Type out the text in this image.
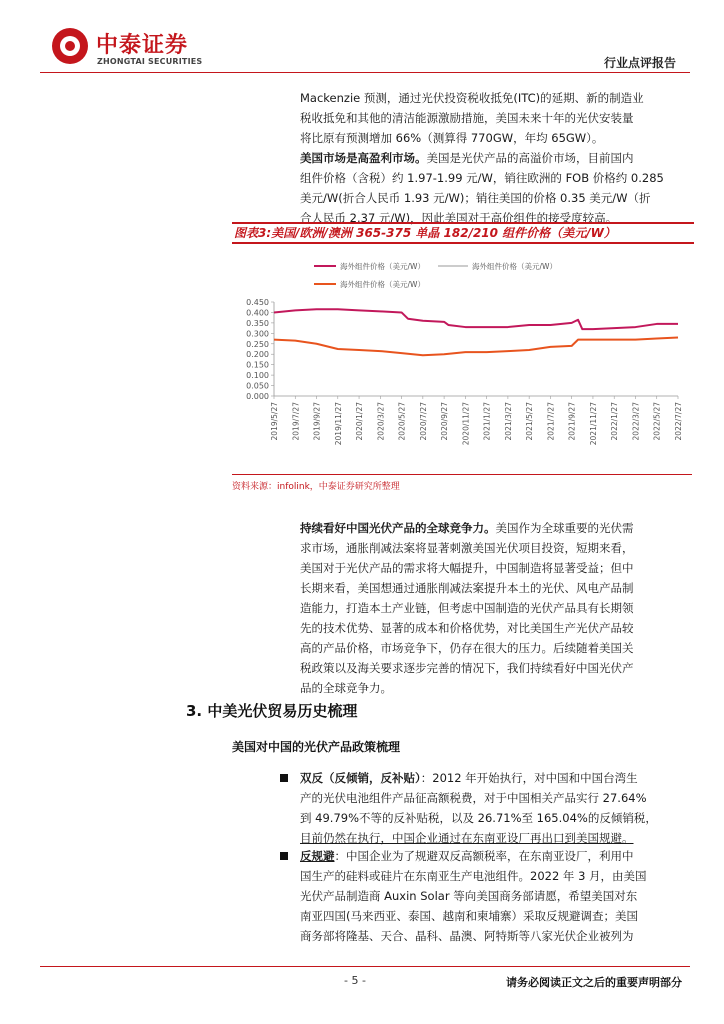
中泰证券
ZHONGTAI SECURITIES	行业点评报告

Mackenzie 预测，通过光伏投资税收抵免(ITC)的延期、新的制造业

税收抵免和其他的清洁能源激励措施，美国未来十年的光伏安装量

将比原有预测增加 66%（测算得 770GW，年均 65GW）。

美国市场是高盈利市场。美国是光伏产品的高溢价市场，目前国内

组件价格（含税）约 1.97-1.99 元/W，销往欧洲的 FOB 价格约 0.285

美元/W(折合人民币 1.93 元/W)；销往美国的价格 0.35 美元/W（折

合人民币 2.37 元/W)，因此美国对于高价组件的接受度较高。

图表3:美国/欧洲/澳洲 365-375 单晶 182/210 组件价格（美元/W）
海外组件价格（美元/W）	海外组件价格（美元/W）
海外组件价格（美元/W）
0.450
0.400
0.350
0.300
0.250
0.200
0.150
0.100
0.050
0.000
2019/5/27 2019/7/27 2019/9/27 2019/11/27 2020/1/27 2020/3/27 2020/5/27 2020/7/27 2020/9/27 2020/11/27 2021/1/27 2021/3/27 2021/5/27 2021/7/27 2021/9/27 2021/11/27 2022/1/27 2022/3/27 2022/5/27 2022/7/27
资料来源：infolink，中泰证券研究所整理

持续看好中国光伏产品的全球竞争力。美国作为全球重要的光伏需

求市场，通胀削减法案将显著刺激美国光伏项目投资，短期来看，

美国对于光伏产品的需求将大幅提升，中国制造将显著受益；但中

长期来看，美国想通过通胀削减法案提升本土的光伏、风电产品制

造能力，打造本土产业链，但考虑中国制造的光伏产品具有长期领

先的技术优势、显著的成本和价格优势，对比美国生产光伏产品较

高的产品价格，市场竞争下，仍存在很大的压力。后续随着美国关

税政策以及海关要求逐步完善的情况下，我们持续看好中国光伏产

品的全球竞争力。

3. 中美光伏贸易历史梳理
美国对中国的光伏产品政策梳理

双反（反倾销，反补贴）：2012 年开始执行，对中国和中国台湾生

产的光伏电池组件产品征高额税费，对于中国相关产品实行 27.64%

到 49.79%不等的反补贴税，以及 26.71%至 165.04%的反倾销税，

目前仍然在执行，中国企业通过在东南亚设厂再出口到美国规避。

反规避：中国企业为了规避双反高额税率，在东南亚设厂，利用中

国生产的硅料或硅片在东南亚生产电池组件。2022 年 3 月，由美国

光伏产品制造商 Auxin Solar 等向美国商务部请愿，希望美国对东

南亚四国(马来西亚、泰国、越南和柬埔寨）采取反规避调查；美国

商务部将隆基、天合、晶科、晶澳、阿特斯等八家光伏企业被列为

- 5 -	请务必阅读正文之后的重要声明部分
